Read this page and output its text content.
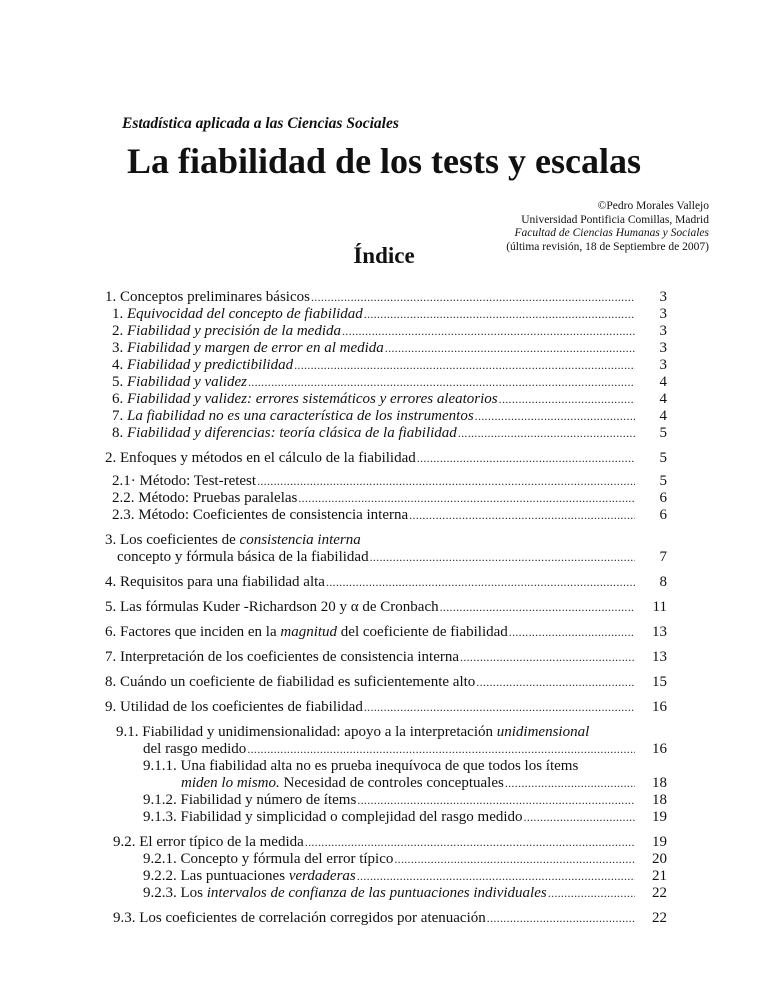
Estadística aplicada a las Ciencias Sociales
La fiabilidad de los tests y escalas
©Pedro Morales Vallejo
Universidad Pontificia Comillas, Madrid
Facultad de Ciencias Humanas y Sociales
(última revisión, 18 de Septiembre de 2007)
Índice
1. Conceptos preliminares básicos .....	3
1. Equivocidad del concepto de fiabilidad .....	3
2. Fiabilidad y precisión de la medida .....	3
3. Fiabilidad y margen de error en al medida .....	3
4. Fiabilidad y predictibilidad .....	3
5. Fiabilidad y validez .....	4
6. Fiabilidad y validez: errores sistemáticos y errores aleatorios .....	4
7. La fiabilidad no es una característica de los instrumentos .....	4
8. Fiabilidad y diferencias: teoría clásica de la fiabilidad .....	5
2. Enfoques y métodos en el cálculo de la fiabilidad .....	5
2.1· Método: Test-retest .....	5
2.2. Método: Pruebas paralelas .....	6
2.3. Método: Coeficientes de consistencia interna .....	6
3. Los coeficientes de consistencia interna
concepto y fórmula básica de la fiabilidad .....	7
4. Requisitos para una fiabilidad alta .....	8
5. Las fórmulas Kuder -Richardson 20 y α de Cronbach .....	11
6. Factores que inciden en la magnitud del coeficiente de fiabilidad .....	13
7. Interpretación de los coeficientes de consistencia interna .....	13
8. Cuándo un coeficiente de fiabilidad es suficientemente alto .....	15
9. Utilidad de los coeficientes de fiabilidad .....	16
9.1. Fiabilidad y unidimensionalidad: apoyo a la interpretación unidimensional
del rasgo medido .....	16
9.1.1. Una fiabilidad alta no es prueba inequívoca de que todos los ítems
miden lo mismo. Necesidad de controles conceptuales .....	18
9.1.2. Fiabilidad y número de ítems .....	18
9.1.3. Fiabilidad y simplicidad o complejidad del rasgo medido .....	19
9.2. El error típico de la medida .....	19
9.2.1. Concepto y fórmula del error típico .....	20
9.2.2. Las puntuaciones verdaderas .....	21
9.2.3. Los intervalos de confianza de las puntuaciones individuales .....	22
9.3. Los coeficientes de correlación corregidos por atenuación .....	22
